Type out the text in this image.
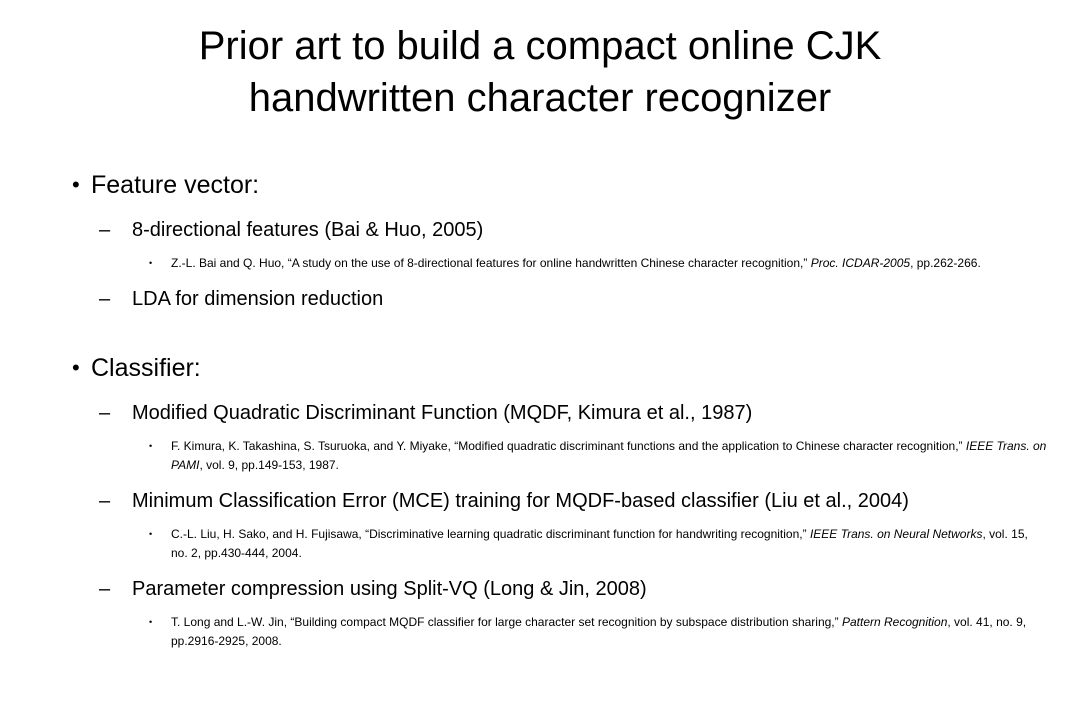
Prior art to build a compact online CJK
handwritten character recognizer
• Feature vector:
– 8-directional features (Bai & Huo, 2005)
• Z.-L. Bai and Q. Huo, “A study on the use of 8-directional features for online handwritten Chinese character recognition,” Proc. ICDAR-2005, pp.262-266.
– LDA for dimension reduction
• Classifier:
– Modified Quadratic Discriminant Function (MQDF, Kimura et al., 1987)
• F. Kimura, K. Takashina, S. Tsuruoka, and Y. Miyake, “Modified quadratic discriminant functions and the application to Chinese character recognition,” IEEE Trans. on PAMI, vol. 9, pp.149-153, 1987.
– Minimum Classification Error (MCE) training for MQDF-based classifier (Liu et al., 2004)
• C.-L. Liu, H. Sako, and H. Fujisawa, “Discriminative learning quadratic discriminant function for handwriting recognition,” IEEE Trans. on Neural Networks, vol. 15, no. 2, pp.430-444, 2004.
– Parameter compression using Split-VQ (Long & Jin, 2008)
• T. Long and L.-W. Jin, “Building compact MQDF classifier for large character set recognition by subspace distribution sharing,” Pattern Recognition, vol. 41, no. 9, pp.2916-2925, 2008.
